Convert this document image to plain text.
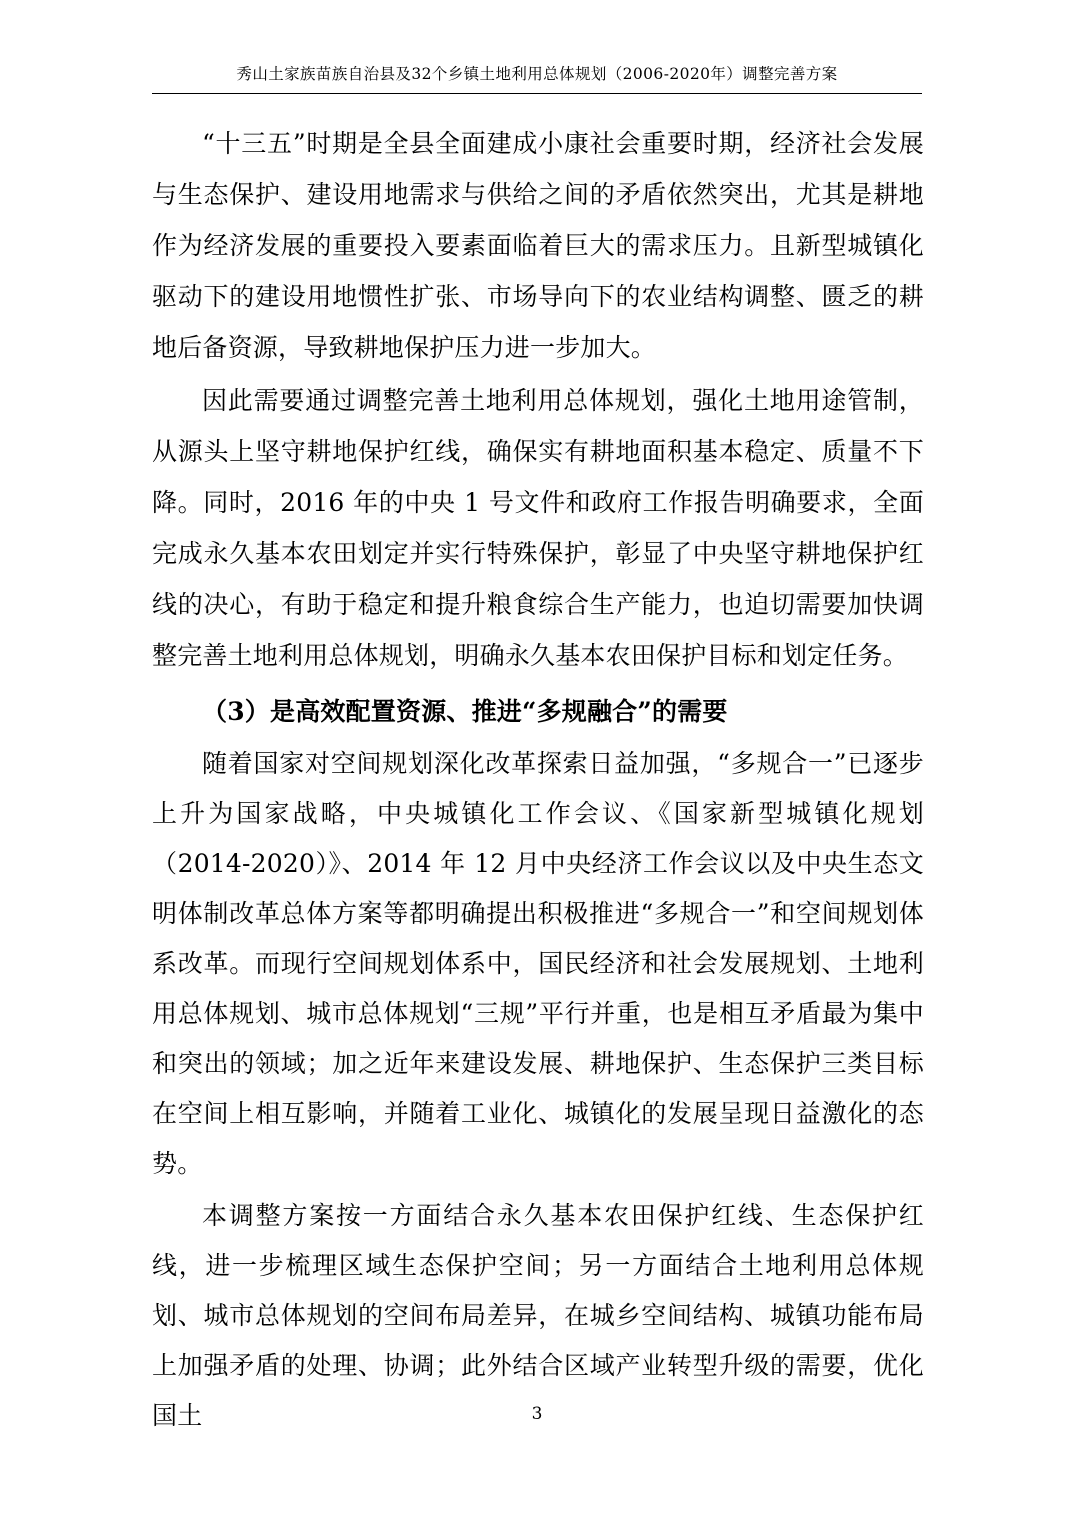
秀山土家族苗族自治县及32个乡镇土地利用总体规划（2006-2020年）调整完善方案

“十三五”时期是全县全面建成小康社会重要时期，经济社会发展与生态保护、建设用地需求与供给之间的矛盾依然突出，尤其是耕地作为经济发展的重要投入要素面临着巨大的需求压力。且新型城镇化驱动下的建设用地惯性扩张、市场导向下的农业结构调整、匮乏的耕地后备资源，导致耕地保护压力进一步加大。

因此需要通过调整完善土地利用总体规划，强化土地用途管制，从源头上坚守耕地保护红线，确保实有耕地面积基本稳定、质量不下降。同时，2016 年的中央 1 号文件和政府工作报告明确要求，全面完成永久基本农田划定并实行特殊保护，彰显了中央坚守耕地保护红线的决心，有助于稳定和提升粮食综合生产能力，也迫切需要加快调整完善土地利用总体规划，明确永久基本农田保护目标和划定任务。

（3）是高效配置资源、推进“多规融合”的需要

随着国家对空间规划深化改革探索日益加强，“多规合一”已逐步上升为国家战略，中央城镇化工作会议、《国家新型城镇化规划（2014-2020）》、2014 年 12 月中央经济工作会议以及中央生态文明体制改革总体方案等都明确提出积极推进“多规合一”和空间规划体系改革。而现行空间规划体系中，国民经济和社会发展规划、土地利用总体规划、城市总体规划“三规”平行并重，也是相互矛盾最为集中和突出的领域；加之近年来建设发展、耕地保护、生态保护三类目标在空间上相互影响，并随着工业化、城镇化的发展呈现日益激化的态势。

本调整方案按一方面结合永久基本农田保护红线、生态保护红线，进一步梳理区域生态保护空间；另一方面结合土地利用总体规划、城市总体规划的空间布局差异，在城乡空间结构、城镇功能布局上加强矛盾的处理、协调；此外结合区域产业转型升级的需要，优化国土	3
